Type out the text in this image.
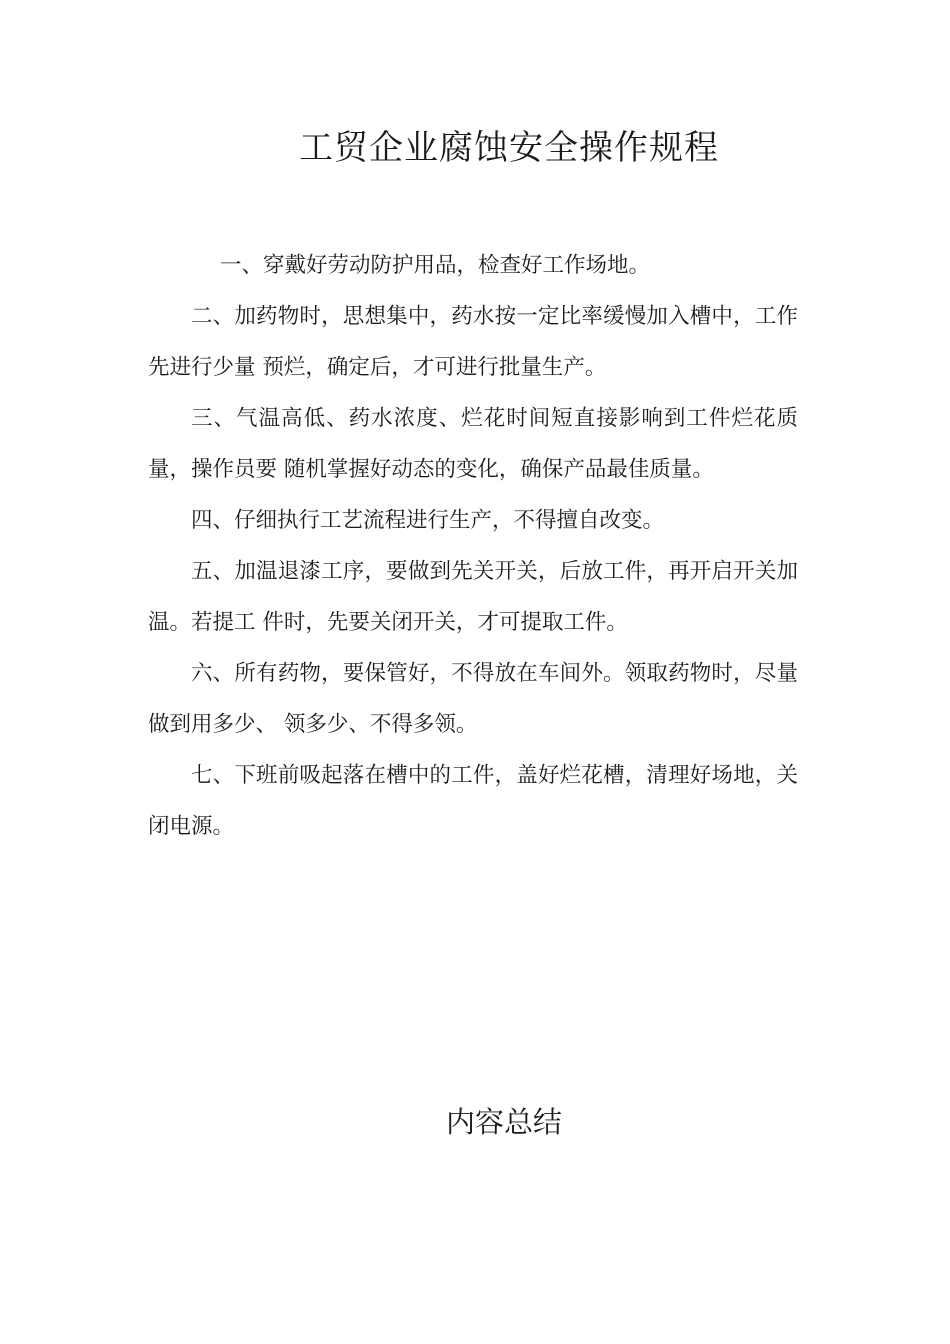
工贸企业腐蚀安全操作规程

一、穿戴好劳动防护用品，检查好工作场地。

二、加药物时，思想集中，药水按一定比率缓慢加入槽中，工作先进行少量 预烂，确定后，才可进行批量生产。

三、气温高低、药水浓度、烂花时间短直接影响到工件烂花质量，操作员要 随机掌握好动态的变化，确保产品最佳质量。

四、仔细执行工艺流程进行生产，不得擅自改变。

五、加温退漆工序，要做到先关开关，后放工件，再开启开关加温。若提工 件时，先要关闭开关，才可提取工件。

六、所有药物，要保管好，不得放在车间外。领取药物时，尽量做到用多少、 领多少、不得多领。

七、下班前吸起落在槽中的工件，盖好烂花槽，清理好场地，关闭电源。

内容总结
